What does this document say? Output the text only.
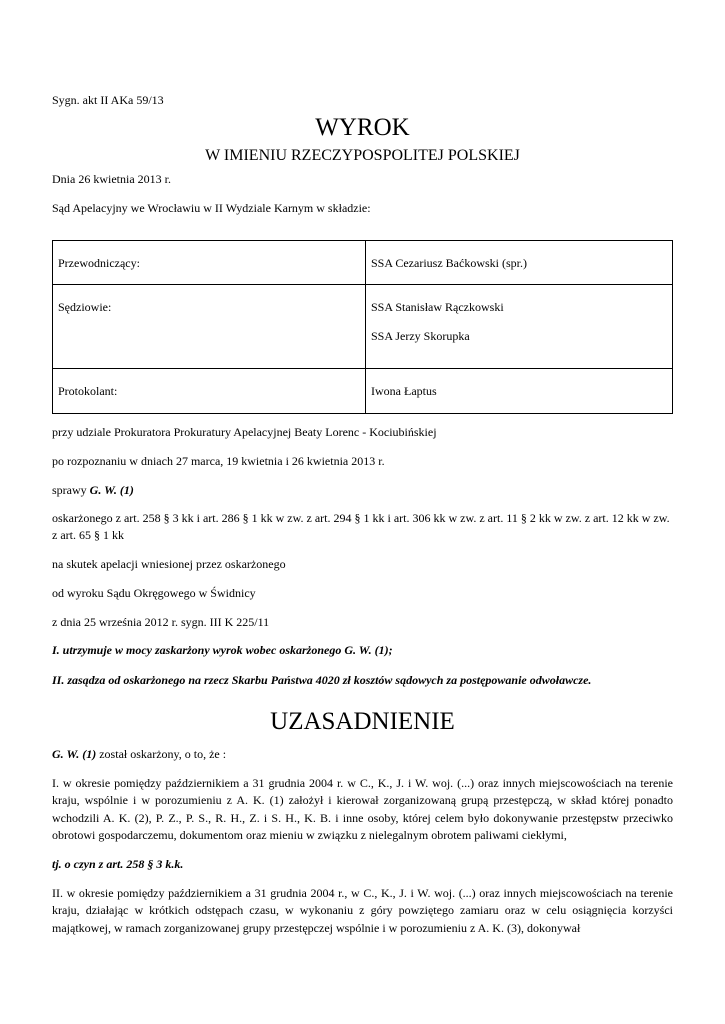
Sygn. akt II AKa 59/13

WYROK

W IMIENIU RZECZYPOSPOLITEJ POLSKIEJ

Dnia 26 kwietnia 2013 r.

Sąd Apelacyjny we Wrocławiu w II Wydziale Karnym w składzie:

Przewodniczący:	SSA Cezariusz Baćkowski (spr.)
Sędziowie:	SSA Stanisław Rączkowski
SSA Jerzy Skorupka

Protokolant:	Iwona Łaptus

przy udziale Prokuratora Prokuratury Apelacyjnej Beaty Lorenc - Kociubińskiej

po rozpoznaniu w dniach 27 marca, 19 kwietnia i 26 kwietnia 2013 r.

sprawy G. W. (1)

oskarżonego z art. 258 § 3 kk i art. 286 § 1 kk w zw. z art. 294 § 1 kk i art. 306 kk w zw. z art. 11 § 2 kk w zw. z art. 12 kk w zw. z art. 65 § 1 kk

na skutek apelacji wniesionej przez oskarżonego

od wyroku Sądu Okręgowego w Świdnicy

z dnia 25 września 2012 r. sygn. III K 225/11

I. utrzymuje w mocy zaskarżony wyrok wobec oskarżonego G. W. (1);

II. zasądza od oskarżonego na rzecz Skarbu Państwa 4020 zł kosztów sądowych za postępowanie odwoławcze.

UZASADNIENIE

G. W. (1) został oskarżony, o to, że :

I. w okresie pomiędzy październikiem a 31 grudnia 2004 r. w C., K., J. i W. woj. (...) oraz innych miejscowościach na terenie kraju, wspólnie i w porozumieniu z A. K. (1) założył i kierował zorganizowaną grupą przestępczą, w skład której ponadto wchodzili A. K. (2), P. Z., P. S., R. H., Z. i S. H., K. B. i inne osoby, której celem było dokonywanie przestępstw przeciwko obrotowi gospodarczemu, dokumentom oraz mieniu w związku z nielegalnym obrotem paliwami ciekłymi,

tj. o czyn z art. 258 § 3 k.k.

II. w okresie pomiędzy październikiem a 31 grudnia 2004 r., w C., K., J. i W. woj. (...) oraz innych miejscowościach na terenie kraju, działając w krótkich odstępach czasu, w wykonaniu z góry powziętego zamiaru oraz w celu osiągnięcia korzyści majątkowej, w ramach zorganizowanej grupy przestępczej wspólnie i w porozumieniu z A. K. (3), dokonywał
